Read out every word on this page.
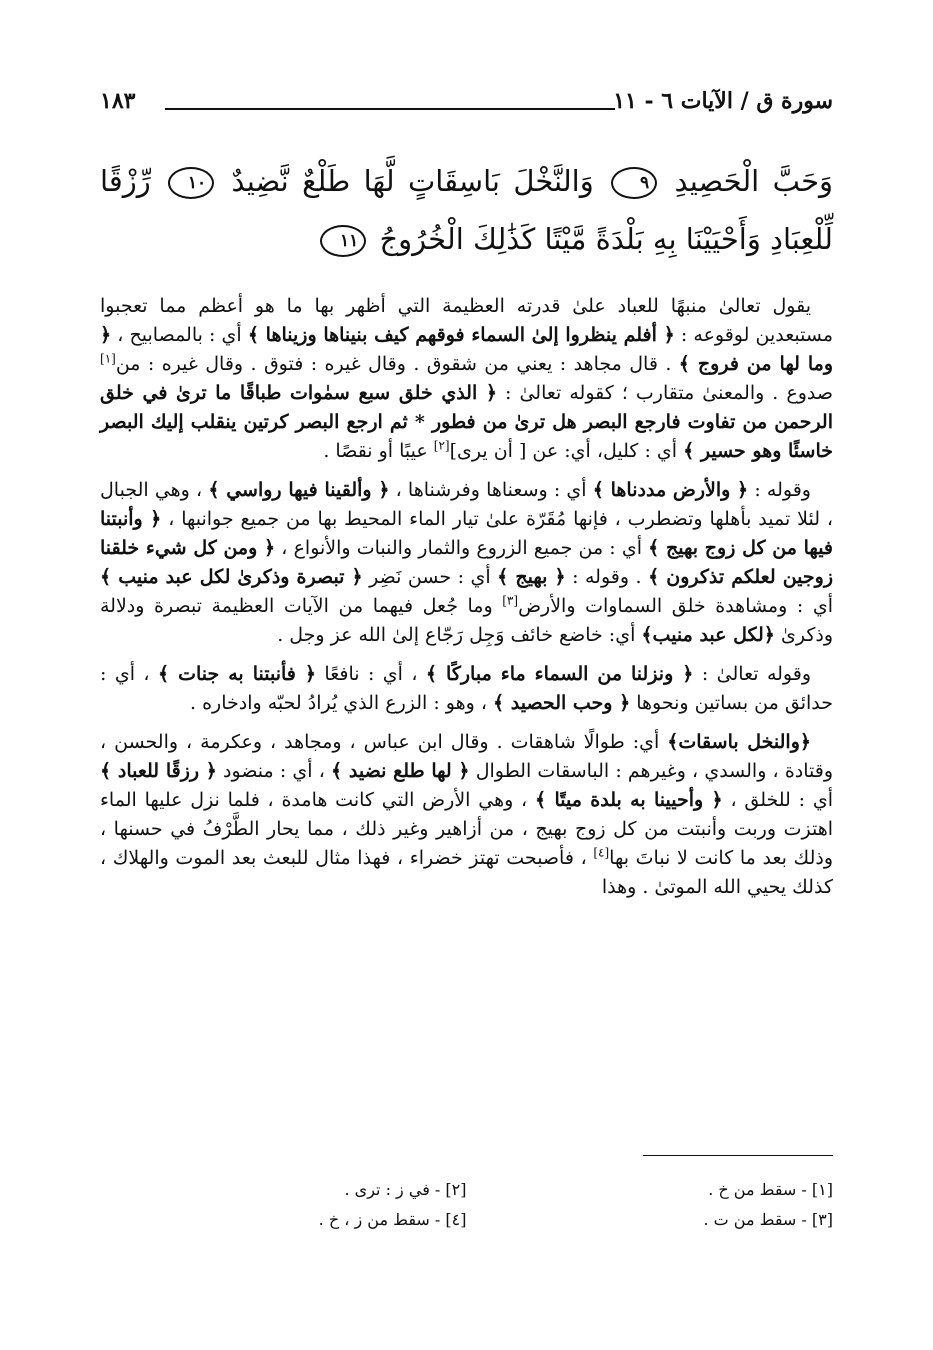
سورة ق / الآيات ٦ - ١١
١٨٣
وَحَبَّ الْحَصِيدِ ٩ وَالنَّخْلَ بَاسِقَاتٍ لَّهَا طَلْعٌ نَّضِيدٌ ١٠ رِّزْقًا لِّلْعِبَادِ وَأَحْيَيْنَا بِهِ بَلْدَةً مَّيْتًا كَذَٰلِكَ الْخُرُوجُ ١١

يقول تعالىٰ منبهًا للعباد علىٰ قدرته العظيمة التي أظهر بها ما هو أعظم مما تعجبوا مستبعدين لوقوعه : ﴿ أفلم ينظروا إلىٰ السماء فوقهم كيف بنيناها وزيناها ﴾ أي : بالمصابيح ، ﴿ وما لها من فروج ﴾ . قال مجاهد : يعني من شقوق . وقال غيره : فتوق . وقال غيره : من[١] صدوع . والمعنىٰ متقارب ؛ كقوله تعالىٰ : ﴿ الذي خلق سبع سمٰوات طباقًا ما ترىٰ في خلق الرحمن من تفاوت فارجع البصر هل ترىٰ من فطور * ثم ارجع البصر كرتين ينقلب إليك البصر خاسئًا وهو حسير ﴾ أي : كليل، أي: عن [ أن يرى][٢] عيبًا أو نقصًا .

وقوله : ﴿ والأرض مددناها ﴾ أي : وسعناها وفرشناها ، ﴿ وألقينا فيها رواسي ﴾ ، وهي الجبال ، لئلا تميد بأهلها وتضطرب ، فإنها مُقَرّة علىٰ تيار الماء المحيط بها من جميع جوانبها ، ﴿ وأنبتنا فيها من كل زوج بهيج ﴾ أي : من جميع الزروع والثمار والنبات والأنواع ، ﴿ ومن كل شيء خلقنا زوجين لعلكم تذكرون ﴾ . وقوله : ﴿ بهيج ﴾ أي : حسن نَضِر ﴿ تبصرة وذكرىٰ لكل عبد منيب ﴾ أي : ومشاهدة خلق السماوات والأرض[٣] وما جُعل فيهما من الآيات العظيمة تبصرة ودلالة وذكرىٰ ﴿لكل عبد منيب﴾ أي: خاضع خائف وَجِل رَجّاع إلىٰ الله عز وجل .

وقوله تعالىٰ : ﴿ ونزلنا من السماء ماء مباركًا ﴾ ، أي : نافعًا ﴿ فأنبتنا به جنات ﴾ ، أي : حدائق من بساتين ونحوها ﴿ وحب الحصيد ﴾ ، وهو : الزرع الذي يُرادُ لحبّه وادخاره .

﴿والنخل باسقات﴾ أي: طوالًا شاهقات . وقال ابن عباس ، ومجاهد ، وعكرمة ، والحسن ، وقتادة ، والسدي ، وغيرهم : الباسقات الطوال ﴿ لها طلع نضيد ﴾ ، أي : منضود ﴿ رزقًا للعباد ﴾ أي : للخلق ، ﴿ وأحيينا به بلدة ميتًا ﴾ ، وهي الأرض التي كانت هامدة ، فلما نزل عليها الماء اهتزت وربت وأنبتت من كل زوج بهيج ، من أزاهير وغير ذلك ، مما يحار الطَّرْفُ في حسنها ، وذلك بعد ما كانت لا نباتَ بها[٤] ، فأصبحت تهتز خضراء ، فهذا مثال للبعث بعد الموت والهلاك ، كذلك يحيي الله الموتىٰ . وهذا

[١] - سقط من خ .
[٢] - في ز : ترى .
[٣] - سقط من ت .
[٤] - سقط من ز ، خ .
